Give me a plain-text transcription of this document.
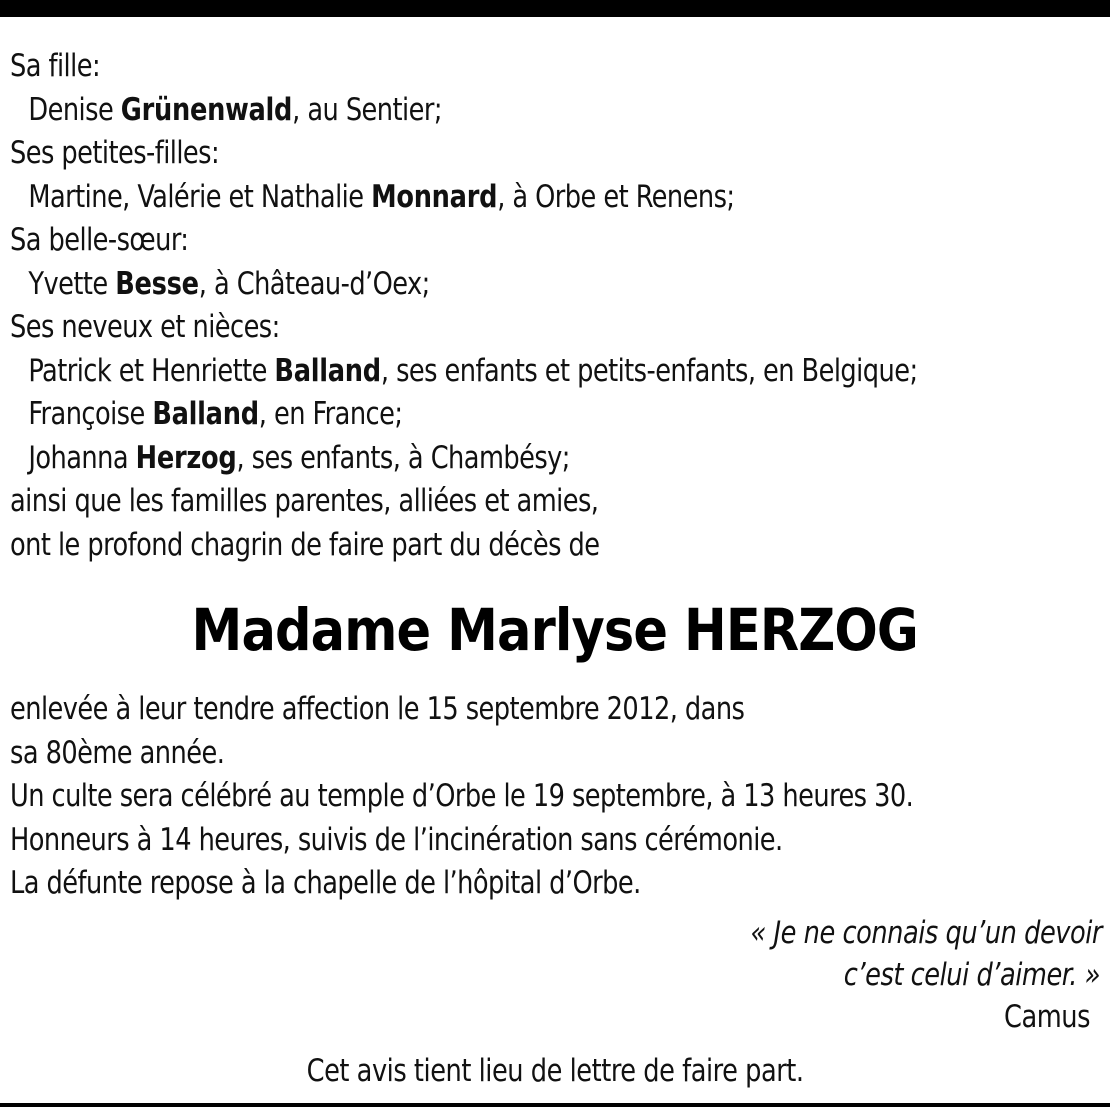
Sa fille:
Denise Grünenwald, au Sentier;
Ses petites-filles:
Martine, Valérie et Nathalie Monnard, à Orbe et Renens;
Sa belle-sœur:
Yvette Besse, à Château-d’Oex;
Ses neveux et nièces:
Patrick et Henriette Balland, ses enfants et petits-enfants, en Belgique;
Françoise Balland, en France;
Johanna Herzog, ses enfants, à Chambésy;
ainsi que les familles parentes, alliées et amies,
ont le profond chagrin de faire part du décès de
Madame Marlyse HERZOG
enlevée à leur tendre affection le 15 septembre 2012, dans
sa 80ème année.
Un culte sera célébré au temple d’Orbe le 19 septembre, à 13 heures 30.
Honneurs à 14 heures, suivis de l’incinération sans cérémonie.
La défunte repose à la chapelle de l’hôpital d’Orbe.
« Je ne connais qu’un devoir
c’est celui d’aimer. »
Camus
Cet avis tient lieu de lettre de faire part.
